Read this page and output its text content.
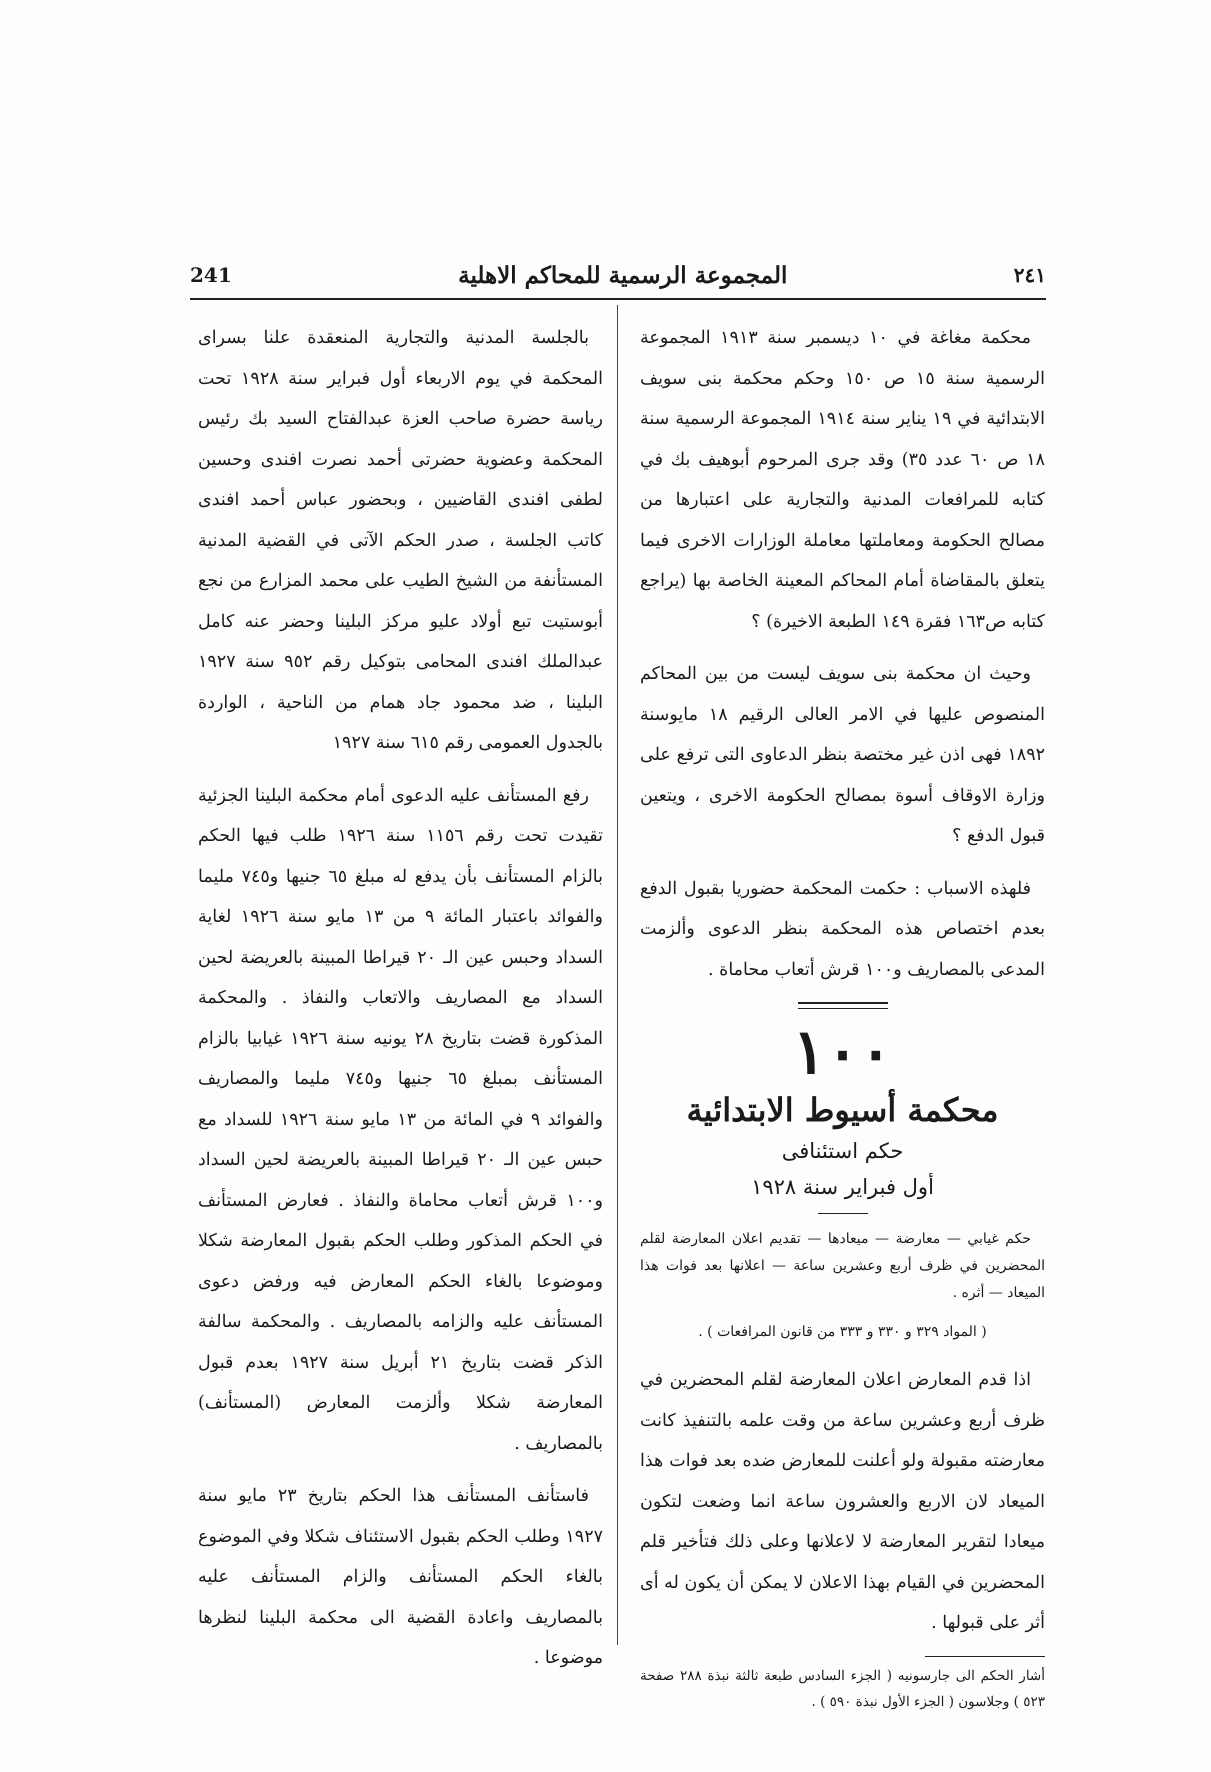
241	المجموعة الرسمية للمحاكم الاهلية	٢٤١

محكمة مغاغة في ١٠ ديسمبر سنة ١٩١٣ المجموعة الرسمية سنة ١٥ ص ١٥٠ وحكم محكمة بنى سويف الابتدائية في ١٩ يناير سنة ١٩١٤ المجموعة الرسمية سنة ١٨ ص ٦٠ عدد ٣٥) وقد جرى المرحوم أبوهيف بك في كتابه للمرافعات المدنية والتجارية على اعتبارها من مصالح الحكومة ومعاملتها معاملة الوزارات الاخرى فيما يتعلق بالمقاضاة أمام المحاكم المعينة الخاصة بها (يراجع كتابه ص١٦٣ فقرة ١٤٩ الطبعة الاخيرة) ؟

وحيث ان محكمة بنى سويف ليست من بين المحاكم المنصوص عليها في الامر العالى الرقيم ١٨ مايوسنة ١٨٩٢ فهى اذن غير مختصة بنظر الدعاوى التى ترفع على وزارة الاوقاف أسوة بمصالح الحكومة الاخرى ، ويتعين قبول الدفع ؟

فلهذه الاسباب : حكمت المحكمة حضوريا بقبول الدفع بعدم اختصاص هذه المحكمة بنظر الدعوى وألزمت المدعى بالمصاريف و١٠٠ قرش أتعاب محاماة .

١٠٠
محكمة أسيوط الابتدائية
حكم استئنافى
أول فبراير سنة ١٩٢٨

حكم غيابي — معارضة — ميعادها — تقديم اعلان المعارضة لقلم المحضرين في ظرف أربع وعشرين ساعة — اعلانها بعد فوات هذا الميعاد — أثره .

( المواد ٣٢٩ و ٣٣٠ و ٣٣٣ من قانون المرافعات ) .

اذا قدم المعارض اعلان المعارضة لقلم المحضرين في ظرف أربع وعشرين ساعة من وقت علمه بالتنفيذ كانت معارضته مقبولة ولو أعلنت للمعارض ضده بعد فوات هذا الميعاد لان الاربع والعشرون ساعة انما وضعت لتكون ميعادا لتقرير المعارضة لا لاعلانها وعلى ذلك فتأخير قلم المحضرين في القيام بهذا الاعلان لا يمكن أن يكون له أى أثر على قبولها .

أشار الحكم الى جارسونيه ( الجزء السادس طبعة ثالثة نبذة ٢٨٨ صفحة ٥٢٣ ) وجلاسون ( الجزء الأول نبذة ٥٩٠ ) .

بالجلسة المدنية والتجارية المنعقدة علنا بسراى المحكمة في يوم الاربعاء أول فبراير سنة ١٩٢٨ تحت رياسة حضرة صاحب العزة عبدالفتاح السيد بك رئيس المحكمة وعضوية حضرتى أحمد نصرت افندى وحسين لطفى افندى القاضيين ، وبحضور عباس أحمد افندى كاتب الجلسة ، صدر الحكم الآتى في القضية المدنية المستأنفة من الشيخ الطيب على محمد المزارع من نجع أبوستيت تبع أولاد عليو مركز البلينا وحضر عنه كامل عبدالملك افندى المحامى بتوكيل رقم ٩٥٢ سنة ١٩٢٧ البلينا ، ضد محمود جاد همام من الناحية ، الواردة بالجدول العمومى رقم ٦١٥ سنة ١٩٢٧

رفع المستأنف عليه الدعوى أمام محكمة البلينا الجزئية تقيدت تحت رقم ١١٥٦ سنة ١٩٢٦ طلب فيها الحكم بالزام المستأنف بأن يدفع له مبلغ ٦٥ جنيها و٧٤٥ مليما والفوائد باعتبار المائة ٩ من ١٣ مايو سنة ١٩٢٦ لغاية السداد وحبس عين الـ ٢٠ قيراطا المبينة بالعريضة لحين السداد مع المصاريف والاتعاب والنفاذ . والمحكمة المذكورة قضت بتاريخ ٢٨ يونيه سنة ١٩٢٦ غيابيا بالزام المستأنف بمبلغ ٦٥ جنيها و٧٤٥ مليما والمصاريف والفوائد ٩ في المائة من ١٣ مايو سنة ١٩٢٦ للسداد مع حبس عين الـ ٢٠ قيراطا المبينة بالعريضة لحين السداد و١٠٠ قرش أتعاب محاماة والنفاذ . فعارض المستأنف في الحكم المذكور وطلب الحكم بقبول المعارضة شكلا وموضوعا بالغاء الحكم المعارض فيه ورفض دعوى المستأنف عليه والزامه بالمصاريف . والمحكمة سالفة الذكر قضت بتاريخ ٢١ أبريل سنة ١٩٢٧ بعدم قبول المعارضة شكلا وألزمت المعارض (المستأنف) بالمصاريف .

فاستأنف المستأنف هذا الحكم بتاريخ ٢٣ مايو سنة ١٩٢٧ وطلب الحكم بقبول الاستئناف شكلا وفي الموضوع بالغاء الحكم المستأنف والزام المستأنف عليه بالمصاريف واعادة القضية الى محكمة البلينا لنظرها موضوعا .
